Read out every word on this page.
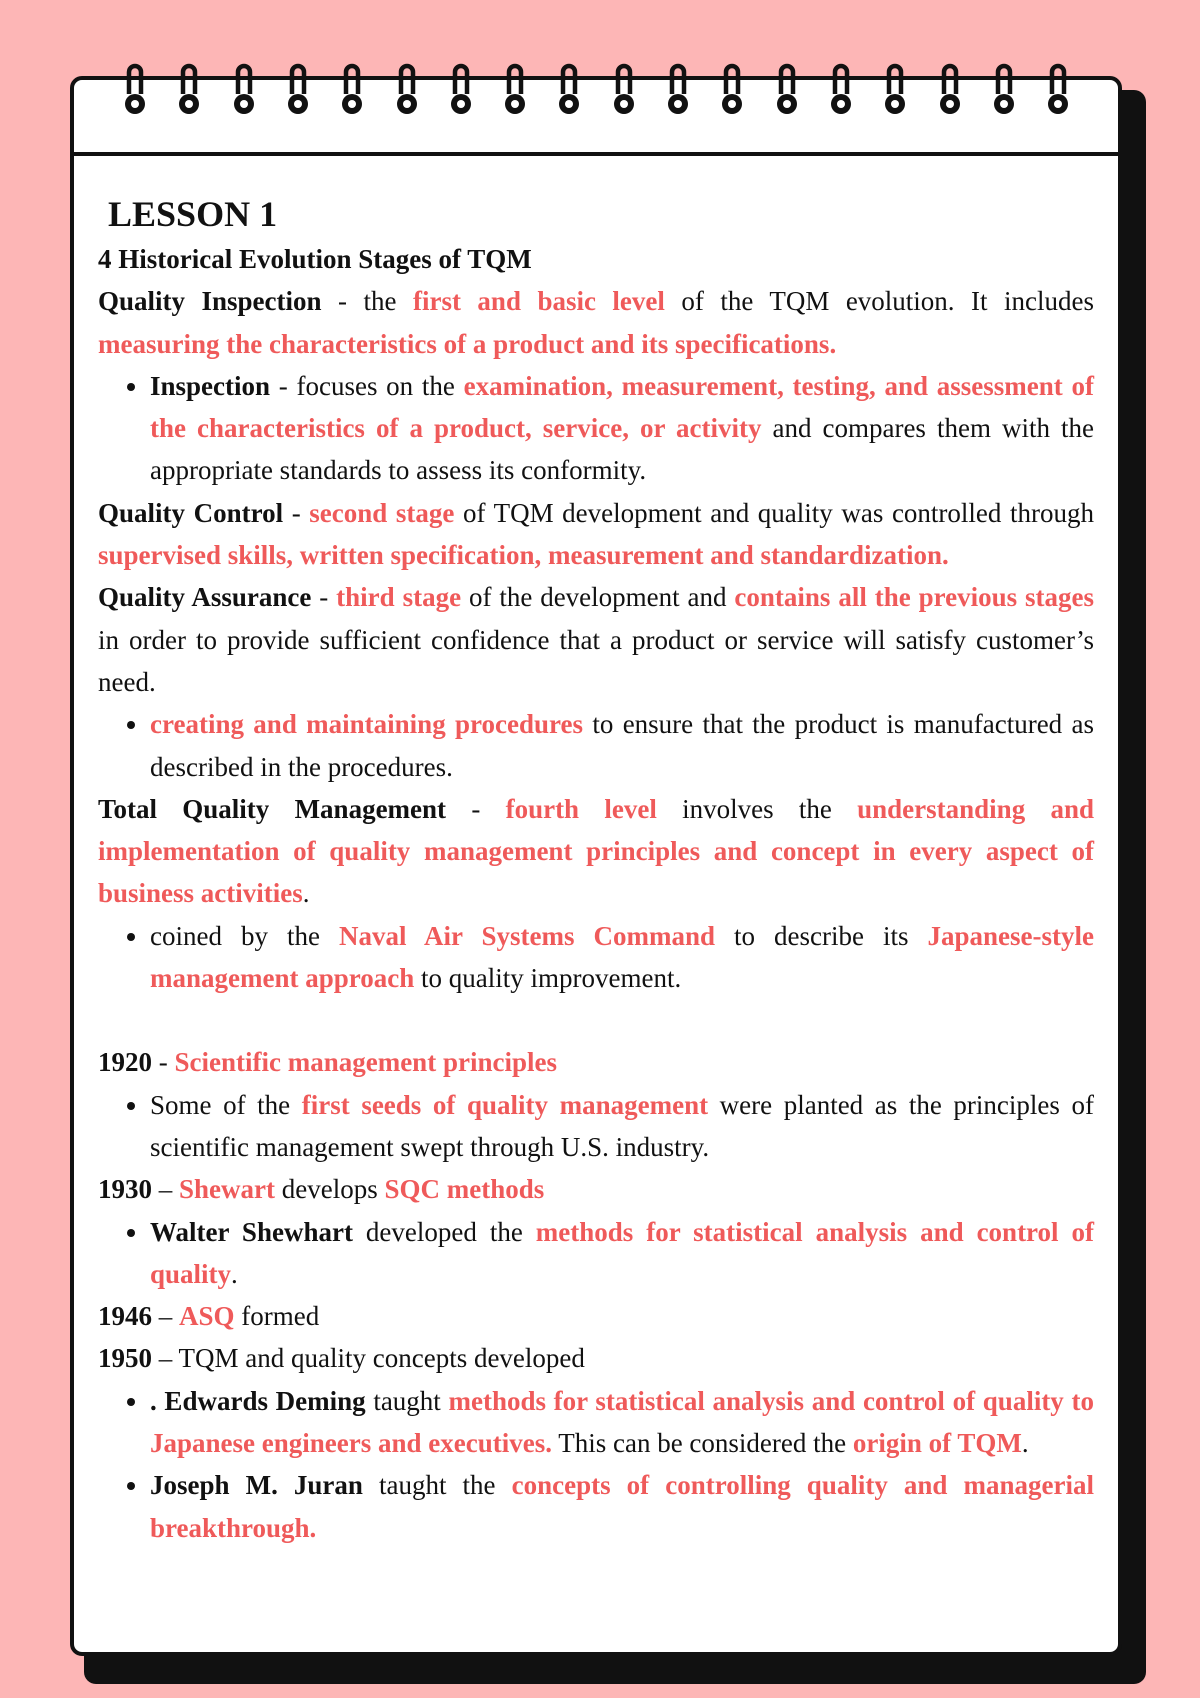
LESSON 1

4 Historical Evolution Stages of TQM

Quality Inspection - the first and basic level of the TQM evolution. It includes measuring the characteristics of a product and its specifications.

• Inspection - focuses on the examination, measurement, testing, and assessment of the characteristics of a product, service, or activity and compares them with the appropriate standards to assess its conformity.

Quality Control - second stage of TQM development and quality was controlled through supervised skills, written specification, measurement and standardization.

Quality Assurance - third stage of the development and contains all the previous stages in order to provide sufficient confidence that a product or service will satisfy customer’s need.

• creating and maintaining procedures to ensure that the product is manufactured as described in the procedures.

Total Quality Management - fourth level involves the understanding and implementation of quality management principles and concept in every aspect of business activities.

• coined by the Naval Air Systems Command to describe its Japanese-style management approach to quality improvement.

1920 - Scientific management principles

• Some of the first seeds of quality management were planted as the principles of scientific management swept through U.S. industry.

1930 – Shewart develops SQC methods

• Walter Shewhart developed the methods for statistical analysis and control of quality.

1946 – ASQ formed

1950 – TQM and quality concepts developed

• . Edwards Deming taught methods for statistical analysis and control of quality to Japanese engineers and executives. This can be considered the origin of TQM.
• Joseph M. Juran taught the concepts of controlling quality and managerial breakthrough.
